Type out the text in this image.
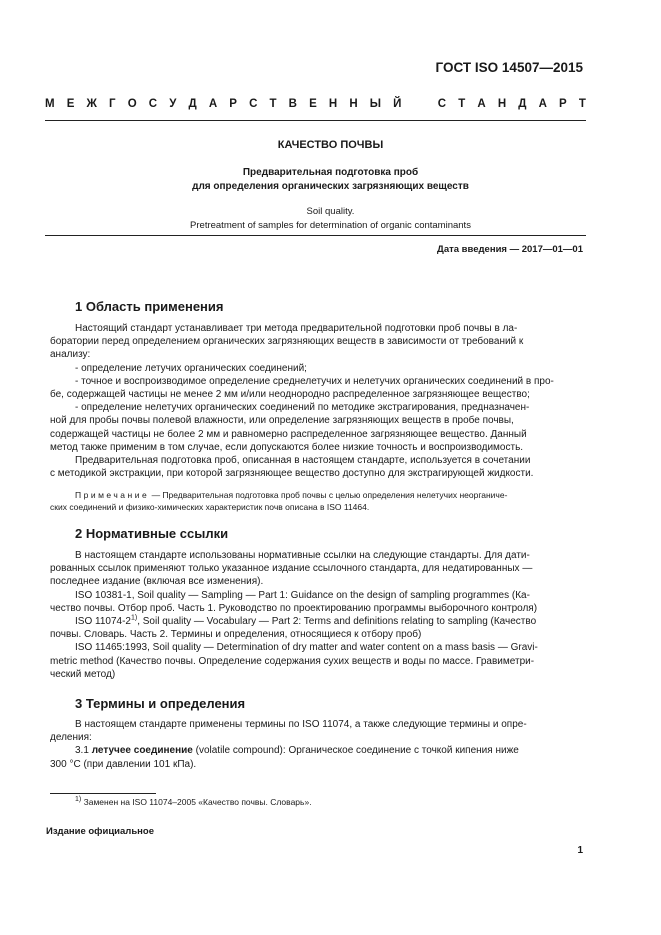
ГОСТ ISO 14507—2015
М Е Ж Г О С У Д А Р С Т В Е Н Н Ы Й	С Т А Н Д А Р Т
КАЧЕСТВО ПОЧВЫ
Предварительная подготовка проб
для определения органических загрязняющих веществ
Soil quality.
Pretreatment of samples for determination of organic contaminants
Дата введения — 2017—01—01
1 Область применения
Настоящий стандарт устанавливает три метода предварительной подготовки проб почвы в ла-
боратории перед определением органических загрязняющих веществ в зависимости от требований к
анализу:
- определение летучих органических соединений;
- точное и воспроизводимое определение среднелетучих и нелетучих органических соединений в про-
бе, содержащей частицы не менее 2 мм и/или неоднородно распределенное загрязняющее вещество;
- определение нелетучих органических соединений по методике экстрагирования, предназначен-
ной для пробы почвы полевой влажности, или определение загрязняющих веществ в пробе почвы,
содержащей частицы не более 2 мм и равномерно распределенное загрязняющее вещество. Данный
метод также применим в том случае, если допускаются более низкие точность и воспроизводимость.
Предварительная подготовка проб, описанная в настоящем стандарте, используется в сочетании
с методикой экстракции, при которой загрязняющее вещество доступно для экстрагирующей жидкости.
Примечание — Предварительная подготовка проб почвы с целью определения нелетучих неорганиче-
ских соединений и физико-химических характеристик почв описана в ISO 11464.
2 Нормативные ссылки
В настоящем стандарте использованы нормативные ссылки на следующие стандарты. Для дати-
рованных ссылок применяют только указанное издание ссылочного стандарта, для недатированных —
последнее издание (включая все изменения).
ISO 10381-1, Soil quality — Sampling — Part 1: Guidance on the design of sampling programmes (Ка-
чество почвы. Отбор проб. Часть 1. Руководство по проектированию программы выборочного контроля)
ISO 11074-2$^{1)}$, Soil quality — Vocabulary — Part 2: Terms and definitions relating to sampling (Качество
почвы. Словарь. Часть 2. Термины и определения, относящиеся к отбору проб)
ISO 11465:1993, Soil quality — Determination of dry matter and water content on a mass basis — Gravi-
metric method (Качество почвы. Определение содержания сухих веществ и воды по массе. Гравиметри-
ческий метод)
3 Термины и определения
В настоящем стандарте применены термины по ISO 11074, а также следующие термины и опре-
деления:
3.1 летучее соединение (volatile compound): Органическое соединение с точкой кипения ниже
300 °С (при давлении 101 кПа).
$^{1)}$ Заменен на ISO 11074–2005 «Качество почвы. Словарь».
Издание официальное
1
